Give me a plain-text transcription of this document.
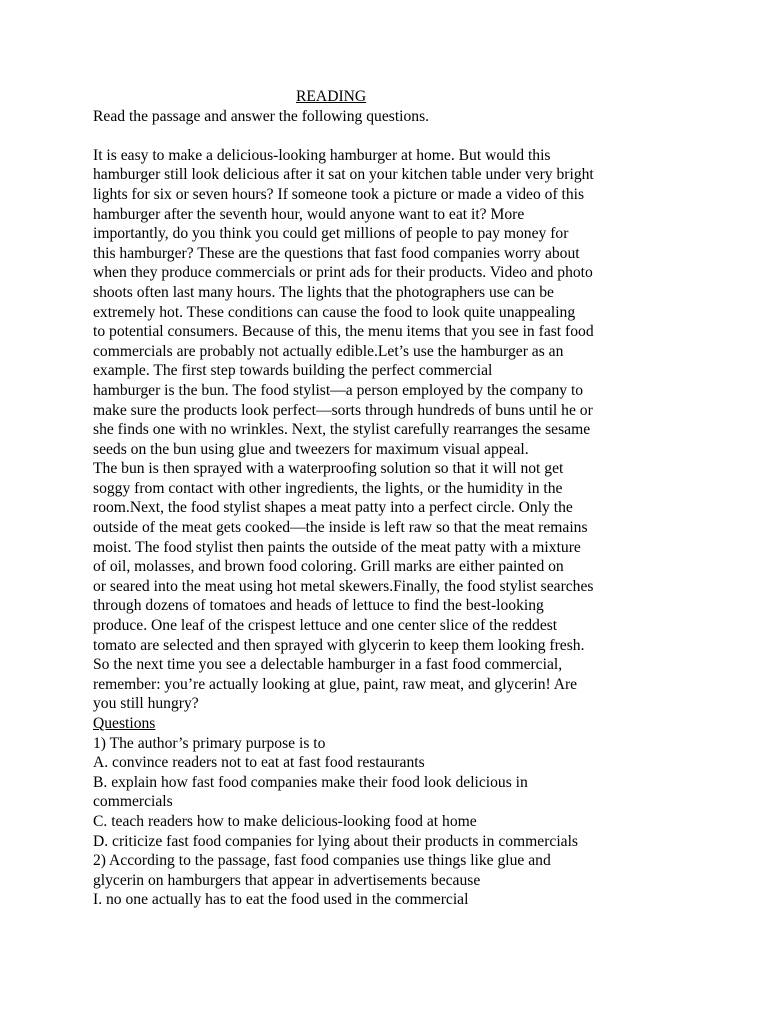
READING
Read the passage and answer the following questions.
It is easy to make a delicious-looking hamburger at home. But would this
hamburger still look delicious after it sat on your kitchen table under very bright
lights for six or seven hours? If someone took a picture or made a video of this
hamburger after the seventh hour, would anyone want to eat it? More
importantly, do you think you could get millions of people to pay money for
this hamburger? These are the questions that fast food companies worry about
when they produce commercials or print ads for their products. Video and photo
shoots often last many hours. The lights that the photographers use can be
extremely hot. These conditions can cause the food to look quite unappealing
to potential consumers. Because of this, the menu items that you see in fast food
commercials are probably not actually edible.Let’s use the hamburger as an
example. The first step towards building the perfect commercial
hamburger is the bun. The food stylist—a person employed by the company to
make sure the products look perfect—sorts through hundreds of buns until he or
she finds one with no wrinkles. Next, the stylist carefully rearranges the sesame
seeds on the bun using glue and tweezers for maximum visual appeal.
The bun is then sprayed with a waterproofing solution so that it will not get
soggy from contact with other ingredients, the lights, or the humidity in the
room.Next, the food stylist shapes a meat patty into a perfect circle. Only the
outside of the meat gets cooked—the inside is left raw so that the meat remains
moist. The food stylist then paints the outside of the meat patty with a mixture
of oil, molasses, and brown food coloring. Grill marks are either painted on
or seared into the meat using hot metal skewers.Finally, the food stylist searches
through dozens of tomatoes and heads of lettuce to find the best-looking
produce. One leaf of the crispest lettuce and one center slice of the reddest
tomato are selected and then sprayed with glycerin to keep them looking fresh.
So the next time you see a delectable hamburger in a fast food commercial,
remember: you’re actually looking at glue, paint, raw meat, and glycerin! Are
you still hungry?
Questions
1) The author’s primary purpose is to
A. convince readers not to eat at fast food restaurants
B. explain how fast food companies make their food look delicious in
commercials
C. teach readers how to make delicious-looking food at home
D. criticize fast food companies for lying about their products in commercials
2) According to the passage, fast food companies use things like glue and
glycerin on hamburgers that appear in advertisements because
I. no one actually has to eat the food used in the commercial
